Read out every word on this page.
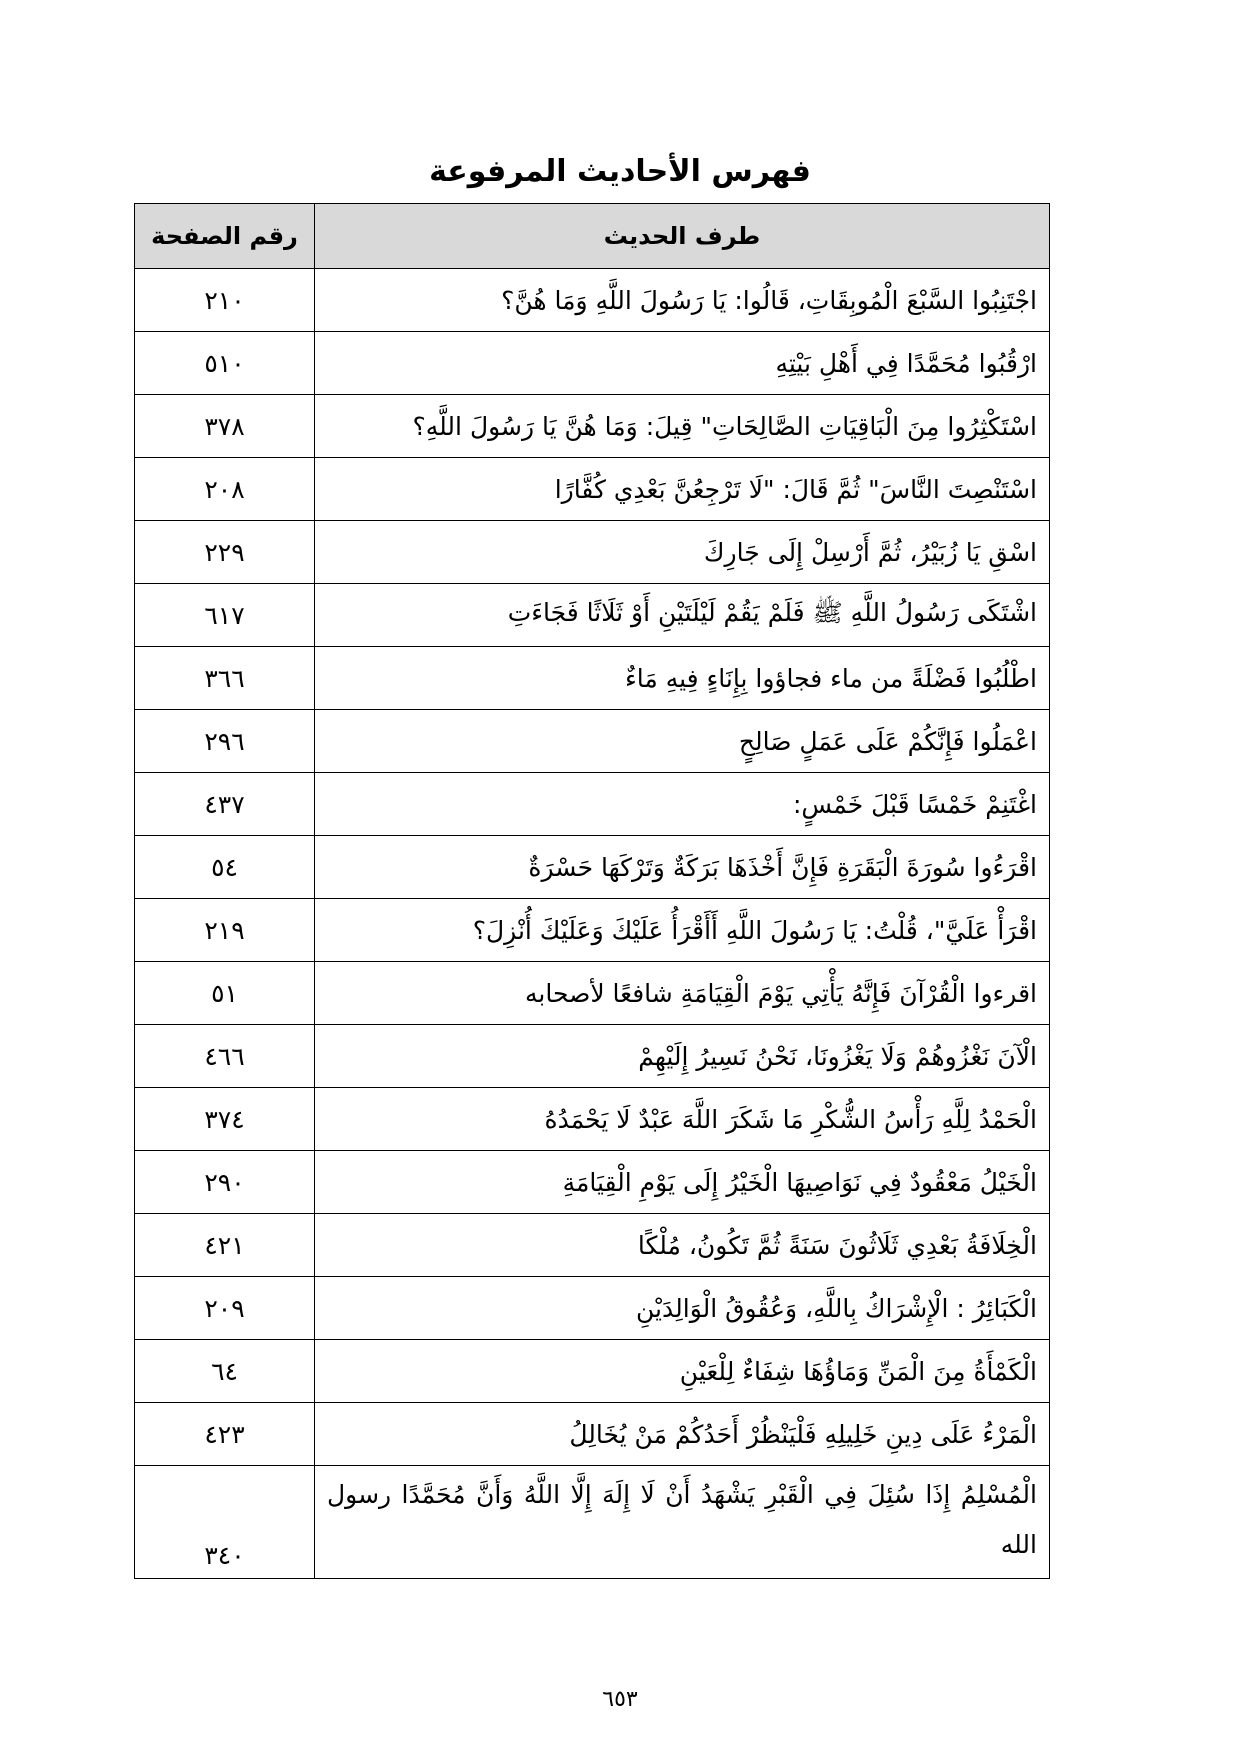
فهرس الأحاديث المرفوعة
طرف الحديث	رقم الصفحة
اجْتَنِبُوا السَّبْعَ الْمُوبِقَاتِ، قَالُوا: يَا رَسُولَ اللَّهِ وَمَا هُنَّ؟	٢١٠
ارْقُبُوا مُحَمَّدًا فِي أَهْلِ بَيْتِهِ	٥١٠
اسْتَكْثِرُوا مِنَ الْبَاقِيَاتِ الصَّالِحَاتِ" قِيلَ: وَمَا هُنَّ يَا رَسُولَ اللَّهِ؟	٣٧٨
اسْتَنْصِتَ النَّاسَ" ثُمَّ قَالَ: "لَا تَرْجِعُنَّ بَعْدِي كُفَّارًا	٢٠٨
اسْقِ يَا زُبَيْرُ، ثُمَّ أَرْسِلْ إِلَى جَارِكَ	٢٢٩
اشْتَكَى رَسُولُ اللَّهِ ﷺ فَلَمْ يَقُمْ لَيْلَتَيْنِ أَوْ ثَلَاثًا فَجَاءَتِ	٦١٧
اطْلُبُوا فَضْلَةً من ماء فجاؤوا بِإِنَاءٍ فِيهِ مَاءٌ	٣٦٦
اعْمَلُوا فَإِنَّكُمْ عَلَى عَمَلٍ صَالِحٍ	٢٩٦
اغْتَنِمْ خَمْسًا قَبْلَ خَمْسٍ:	٤٣٧
اقْرَءُوا سُورَةَ الْبَقَرَةِ فَإِنَّ أَخْذَهَا بَرَكَةٌ وَتَرْكَهَا حَسْرَةٌ	٥٤
اقْرَأْ عَلَيَّ"، قُلْتُ: يَا رَسُولَ اللَّهِ أَأَقْرَأُ عَلَيْكَ وَعَلَيْكَ أُنْزِلَ؟	٢١٩
اقرءوا الْقُرْآنَ فَإِنَّهُ يَأْتِي يَوْمَ الْقِيَامَةِ شافعًا لأصحابه	٥١
الْآنَ نَغْزُوهُمْ وَلَا يَغْزُونَا، نَحْنُ نَسِيرُ إِلَيْهِمْ	٤٦٦
الْحَمْدُ لِلَّهِ رَأْسُ الشُّكْرِ مَا شَكَرَ اللَّهَ عَبْدٌ لَا يَحْمَدُهُ	٣٧٤
الْخَيْلُ مَعْقُودٌ فِي نَوَاصِيهَا الْخَيْرُ إِلَى يَوْمِ الْقِيَامَةِ	٢٩٠
الْخِلَافَةُ بَعْدِي ثَلَاثُونَ سَنَةً ثُمَّ تَكُونُ، مُلْكًا	٤٢١
الْكَبَائِرُ : الْإِشْرَاكُ بِاللَّهِ، وَعُقُوقُ الْوَالِدَيْنِ	٢٠٩
الْكَمْأَةُ مِنَ الْمَنِّ وَمَاؤُهَا شِفَاءٌ لِلْعَيْنِ	٦٤
الْمَرْءُ عَلَى دِينِ خَلِيلِهِ فَلْيَنْظُرْ أَحَدُكُمْ مَنْ يُخَالِلُ	٤٢٣
الْمُسْلِمُ إِذَا سُئِلَ فِي الْقَبْرِ يَشْهَدُ أَنْ لَا إِلَهَ إِلَّا اللَّهُ وَأَنَّ مُحَمَّدًا رسول الله	٣٤٠
٦٥٣
